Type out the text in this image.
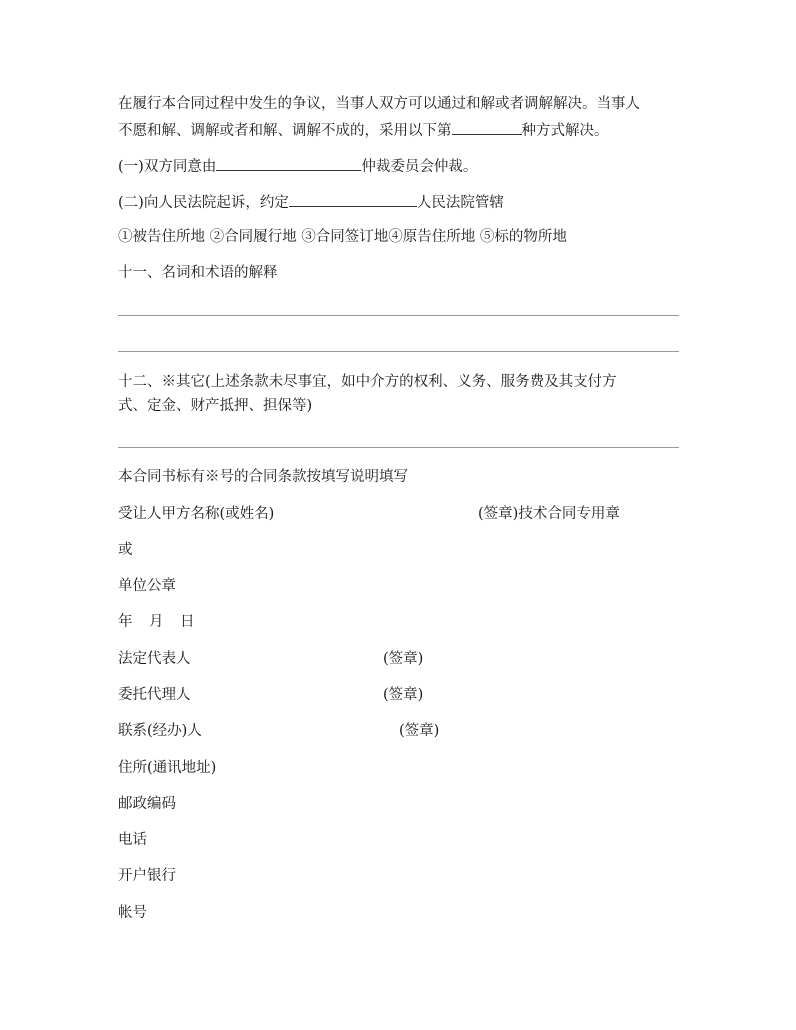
在履行本合同过程中发生的争议，当事人双方可以通过和解或者调解解决。当事人
不愿和解、调解或者和解、调解不成的，采用以下第	种方式解决。
(一)双方同意由	仲裁委员会仲裁。
(二)向人民法院起诉，约定	人民法院管辖
①被告住所地 ②合同履行地 ③合同签订地④原告住所地 ⑤标的物所地
十一、名词和术语的解释
十二、※其它(上述条款未尽事宜，如中介方的权利、义务、服务费及其支付方
式、定金、财产抵押、担保等)
本合同书标有※号的合同条款按填写说明填写
受让人甲方名称(或姓名)	(签章)技术合同专用章
或
单位公章
年　月　日
法定代表人	(签章)
委托代理人	(签章)
联系(经办)人	(签章)
住所(通讯地址)
邮政编码
电话
开户银行
帐号
